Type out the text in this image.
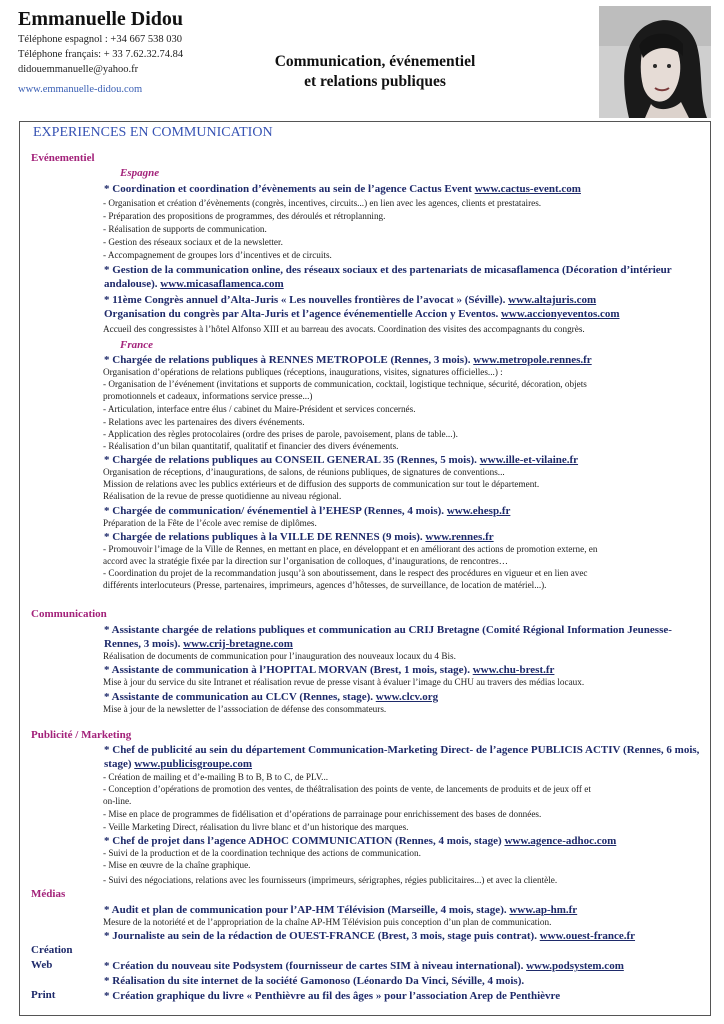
Emmanuelle Didou
Téléphone espagnol : +34 667 538 030
Téléphone français: + 33 7.62.32.74.84
didouemmanuelle@yahoo.fr
www.emmanuelle-didou.com
Communication, événementiel
et relations publiques
EXPERIENCES EN COMMUNICATION
Evénementiel
Espagne
* Coordination et coordination d’évènements au sein de l’agence Cactus Event www.cactus-event.com
- Organisation et création d’évènements (congrès, incentives, circuits...) en lien avec les agences, clients et prestataires.
- Préparation des propositions de programmes, des déroulés et rétroplanning.
- Réalisation de supports de communication.
- Gestion des réseaux sociaux et de la newsletter.
- Accompagnement de groupes lors d’incentives et de circuits.
* Gestion de la communication online, des réseaux sociaux et des partenariats de micasaflamenca (Décoration d’intérieur andalouse). www.micasaflamenca.com
* 11ème Congrès annuel d’Alta-Juris « Les nouvelles frontières de l’avocat » (Séville). www.altajuris.com
Organisation du congrès par Alta-Juris et l’agence événementielle Accion y Eventos. www.accionyeventos.com
Accueil des congressistes à l’hôtel Alfonso XIII et au barreau des avocats. Coordination des visites des accompagnants du congrès.
France
* Chargée de relations publiques à RENNES METROPOLE (Rennes, 3 mois). www.metropole.rennes.fr
Organisation d’opérations de relations publiques (réceptions, inaugurations, visites, signatures officielles...) :
- Organisation de l’événement (invitations et supports de communication, cocktail, logistique technique, sécurité, décoration, objets
promotionnels et cadeaux, informations service presse...)
- Articulation, interface entre élus / cabinet du Maire-Président et services concernés.
- Relations avec les partenaires des divers événements.
- Application des règles protocolaires (ordre des prises de parole, pavoisement, plans de table...).
- Réalisation d’un bilan quantitatif, qualitatif et financier des divers événements.
* Chargée de relations publiques au CONSEIL GENERAL 35 (Rennes, 5 mois). www.ille-et-vilaine.fr
Organisation de réceptions, d’inaugurations, de salons, de réunions publiques, de signatures de conventions...
Mission de relations avec les publics extérieurs et de diffusion des supports de communication sur tout le département.
Réalisation de la revue de presse quotidienne au niveau régional.
* Chargée de communication/ événementiel à l’EHESP (Rennes, 4 mois). www.ehesp.fr
Préparation de la Fête de l’école avec remise de diplômes.
* Chargée de relations publiques à la VILLE DE RENNES (9 mois). www.rennes.fr
- Promouvoir l’image de la Ville de Rennes, en mettant en place, en développant et en améliorant des actions de promotion externe, en
accord avec la stratégie fixée par la direction sur l’organisation de colloques, d’inaugurations, de rencontres…
- Coordination du projet de la recommandation jusqu’à son aboutissement, dans le respect des procédures en vigueur et en lien avec
différents interlocuteurs (Presse, partenaires, imprimeurs, agences d’hôtesses, de surveillance, de location de matériel...).
Communication
* Assistante chargée de relations publiques et communication au CRIJ Bretagne (Comité Régional Information Jeunesse- Rennes, 3 mois). www.crij-bretagne.com
Réalisation de documents de communication pour l’inauguration des nouveaux locaux du 4 Bis.
* Assistante de communication à l’HOPITAL MORVAN (Brest, 1 mois, stage). www.chu-brest.fr
Mise à jour du service du site Intranet et réalisation revue de presse visant à évaluer l’image du CHU au travers des médias locaux.
* Assistante de communication au CLCV (Rennes, stage). www.clcv.org
Mise à jour de la newsletter de l’asssociation de défense des consommateurs.
Publicité / Marketing
* Chef de publicité au sein du département Communication-Marketing Direct- de l’agence PUBLICIS ACTIV (Rennes, 6 mois, stage) www.publicisgroupe.com
- Création de mailing et d’e-mailing B to B, B to C, de PLV...
- Conception d’opérations de promotion des ventes, de théâtralisation des points de vente, de lancements de produits et de jeux off et
on-line.
- Mise en place de programmes de fidélisation et d’opérations de parrainage pour enrichissement des bases de données.
- Veille Marketing Direct, réalisation du livre blanc et d’un historique des marques.
* Chef de projet dans l’agence ADHOC COMMUNICATION (Rennes, 4 mois, stage) www.agence-adhoc.com
- Suivi de la production et de la coordination technique des actions de communication.
- Mise en œuvre de la chaîne graphique.
- Suivi des négociations, relations avec les fournisseurs (imprimeurs, sérigraphes, régies publicitaires...) et avec la clientèle.
Médias
* Audit et plan de communication pour l’AP-HM Télévision (Marseille, 4 mois, stage). www.ap-hm.fr
Mesure de la notoriété et de l’appropriation de la chaîne AP-HM Télévision puis conception d’un plan de communication.
* Journaliste au sein de la rédaction de OUEST-FRANCE (Brest, 3 mois, stage puis contrat). www.ouest-france.fr
Création
Web	* Création du nouveau site Podsystem (fournisseur de cartes SIM à niveau international). www.podsystem.com
* Réalisation du site internet de la société Gamonoso (Léonardo Da Vinci, Séville, 4 mois).
Print	* Création graphique du livre « Penthièvre au fil des âges » pour l’association Arep de Penthièvre
